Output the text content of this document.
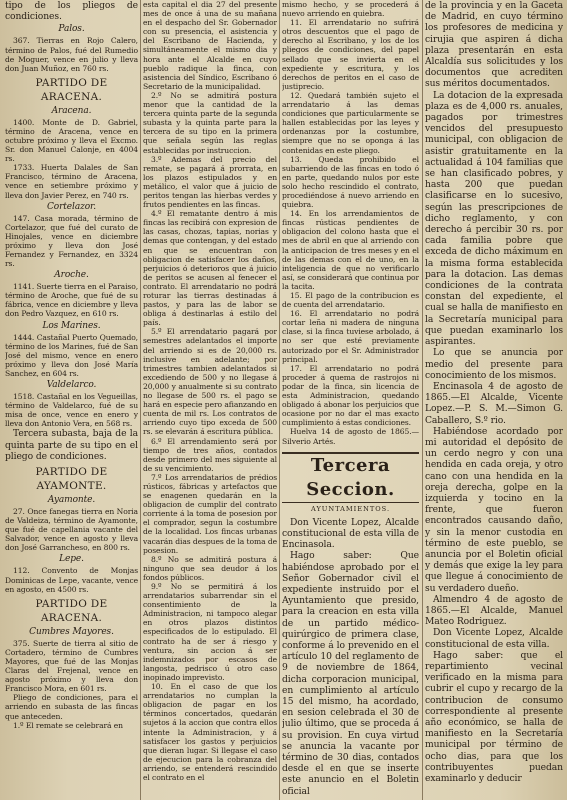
tipo de los pliegos de condiciones.

Palos.

367. Tierras en Rojo Calero, término de Palos, fué del Rumedio de Moguer, vence en julio y lleva don Juan Muñoz, en 760 rs.

PARTIDO DE ARACENA.
Aracena.

1400. Monte de D. Gabriel, término de Aracena, vence en octubre próximo y lleva el Excmo. Sr. don Manuel Calonje, en 4004 rs.

1733. Huerta Dalales de San Francisco, término de Aracena, vence en setiembre próximo y lleva don Javier Perez, en 740 rs.

Cortelazor.

147. Casa morada, término de Cortelazor, que fué del curato de Hinojales, vence en diciembre próximo y lleva don José Fernandez y Fernandez, en 3324 rs.

Aroche.

1141. Suerte tierra en el Paraiso, término de Aroche, que fué de su fábrica, vence en diciembre y lleva don Pedro Vazquez, en 610 rs.

Los Marines.

1444. Castañal Puerto Quemado, término de los Marines, fué de San José del mismo, vence en enero próximo y lleva don José María Sanchez, en 604 rs.

Valdelarco.

1518. Castañal en los Vegueillas, término de Valdelarco, fué de su misa de once, vence en enero y lleva don Antonio Vera, en 568 rs.

Tercera subasta, baja de la quinta parte de su tipo en el pliego de condiciones.

PARTIDO DE AYAMONTE.
Ayamonte.

27. Once fanegas tierra en Noria de Valdeiza, término de Ayamonte, que fué de capellania vacante del Salvador, vence en agosto y lleva don José Garrancheso, en 800 rs.

Lepe.

112. Convento de Monjas Dominicas de Lepe, vacante, vence en agosto, en 4500 rs.

PARTIDO DE ARACENA.
Cumbres Mayores.

375. Suerte de tierra al sitio de Cortadero, término de Cumbres Mayores, que fué de las Monjas Claras del Frejenal, vence en agosto próximo y lleva don Francisco Mora, en 601 rs.

Pliego de condiciones, para el arriendo en subasta de las fincas que anteceden.

1.º El remate se celebrará en

esta capital el dia 27 del presente mes de once á una de su mañana en el despacho del Sr. Gobernador con su presencia, el asistencia y del Escribano de Hacienda, y simultáneamente el mismo dia y hora ante el Alcalde en cuyo pueblo radique la finca, con asistencia del Síndico, Escribano ó Secretario de la municipalidad.

2.º No se admitirá postura menor que la cantidad de la tercera quinta parte de la segunda subasta y la quinta parte para la tercera de su tipo en la primera que señala según las reglas establecidas por instruccion.

3.º Ademas del precio del remate, se pagará á prorrata, en los plazos estipulados y en metálico, el valor que á juicio de peritos tengan las hierbas verdes y frutos pendientes en las fincas.

4.º El rematante dentro á mis fincas las recibirá con expresion de las casas, chozas, tapias, norias y demas que contengan, y del estado en que se encuentran con obligacion de satisfacer los daños, perjuicios ó deterioros que á juicio de peritos se acusen al fenecer el contrato. El arrendatario no podrá roturar las tierras destinadas á pastos, y para las de labor se obliga á destinarlas á estilo del país.

5.º El arrendatario pagará por semestres adelantados el importe del arriendo si es de 20,000 rs. inclusive en adelante; por trimestres tambien adelantados si excediendo de 500 y no llegase á 20,000 y anualmente si su contrato no llegase de 500 rs. el pago se hará en especie pero afianzando en cuenta de mil rs. Los contratos de arriendo cuyo tipo exceda de 500 rs. se elevarán á escritura pública.

6.º El arrendamiento será por tiempo de tres años, contados desde primero del mes siguiente al de su vencimiento.

7.º Los arrendatarios de prédios rústicos, fábricas y artefactos que se enagenen quedarán en la obligacion de cumplir del contrato corriente á la toma de posesion por el comprador, segun la costumbre de la localidad. Los fincas urbanas vacarán dias despues de la toma de posesion.

8.º No se admitirá postura á ninguno que sea deudor á los fondos públicos.

9.º No se permitirá á los arrendatarios subarrendar sin el consentimiento de la Administracion, ni tampoco alegar en otros plazos distintos especificados de lo estipulado. El contrato ha de ser á riesgo y ventura, sin accion á ser indemnizados por escasos de langosta, pedrisco ú otro caso inopinado imprevisto.

10. En el caso de que los arrendatarios no cumplan la obligacion de pagar en los términos concertados, quedarán sujetos á la accion que contra ellos intente la Administracion, y á satisfacer los gastos y perjuicios que dieran lugar. Si llegase el caso de ejecucion para la cobranza del arriendo, se entenderá rescindido el contrato en el

mismo hecho, y se procederá á nuevo arriendo en quiebra.

11. El arrendatario no sufrirá otros descuentos que el pago de derecho al Escribano, y los de los pliegos de condiciones, del papel sellado que se invierta en el expediente y escritura, y los derechos de peritos en el caso de justiprecio.

12. Quedará también sujeto el arrendatario á las demas condiciones que particularmente se hallen establecidas por las leyes y ordenanzas por la costumbre, siempre que no se oponga á las contenidas en este pliego.

13. Queda prohibido el subarriendo de las fincas en todo ó en parte, quedando nulos por este solo hecho rescindido el contrato, procediéndose á nuevo arriendo en quiebra.

14. En los arrendamientos de fincas rústicas pendientes de obligacion del colono hasta que el mes de abril en que al arriendo con la anticipacion de tres meses y en el de las demas con el de uno, en la inteligencia de que no verificarlo así, se considerará que continua por la tacita.

15. El pago de la contribucion es de cuenta del arrendatario.

16. El arrendatario no podrá cortar leña ni madera de ninguna clase, si la finca tuviese arbolado, á no ser que esté previamente autorizado por el Sr. Administrador principal.

17. El arrendatario no podrá proceder á quema de rastrojos ni podar de la finca, sin licencia de esta Administracion, quedando obligado á abonar los perjuicios que ocasione por no dar el mas exacto cumplimiento á estas condiciones.

Huelva 14 de agosto de 1865.—Silverio Artés.

Tercera Seccion.
AYUNTAMIENTOS.

Don Vicente Lopez, Alcalde constitucional de esta villa de Encinasola.

Hago saber: Que habiéndose aprobado por el Señor Gobernador civil el expediente instruido por el Ayuntamiento que presido, para la creacion en esta villa de un partido médico-quirúrgico de primera clase, conforme á lo prevenido en el artículo 10 del reglamento de 9 de noviembre de 1864, dicha corporacion municipal, en cumplimiento al artículo 15 del mismo, ha acordado, en sesion celebrada el 30 de julio último, que se proceda á su provision. En cuya virtud se anuncia la vacante por término de 30 dias, contados desde el en que se inserte este anuncio en el Boletin oficial

de la provincia y en la Gaceta de Madrid, en cuyo término los profesores de medicina y cirujia que aspiren á dicha plaza presentarán en esta Alcaldía sus solicitudes y los documentos que acrediten sus méritos documentados.

La dotacion de la expresada plaza es de 4,000 rs. anuales, pagados por trimestres vencidos del presupuesto municipal, con obligacion de asistir gratuitamente en la actualidad á 104 familias que se han clasificado pobres, y hasta 200 que puedan clasificarse en lo sucesivo, según las prescripciones de dicho reglamento, y con derecho á percibir 30 rs. por cada familia pobre que exceda de dicho máximum en la misma forma establecida para la dotacion. Las demas condiciones de la contrata constan del expediente, el cual se halla de manifiesto en la Secretaría municipal para que puedan examinarlo los aspirantes.

Lo que se anuncia por medio del presente para conocimiento de los mismos.

Encinasola 4 de agosto de 1865.—El Alcalde, Vicente Lopez.—P. S. M.—Simon G. Caballero, S.º rio.

Habiéndose acordado por mi autoridad el depósito de un cerdo negro y con una hendida en cada oreja, y otro cano con una hendida en la oreja derecha, golpe en la izquierda y tocino en la frente, que fueron encontrados causando daño, y sin la menor custodia en término de este pueblo, se anuncia por el Boletin oficial y demás que exige la ley para que llegue á conocimiento de su verdadero dueño.

Almendro 4 de agosto de 1865.—El Alcalde, Manuel Mateo Rodriguez.

Don Vicente Lopez, Alcalde constitucional de esta villa.

Hago saber: que el repartimiento vecinal verificado en la misma para cubrir el cupo y recargo de la contribucion de consumo correspondiente al presente año económico, se halla de manifiesto en la Secretaría municipal por término de ocho dias, para que los contribuyentes puedan examinarlo y deducir
